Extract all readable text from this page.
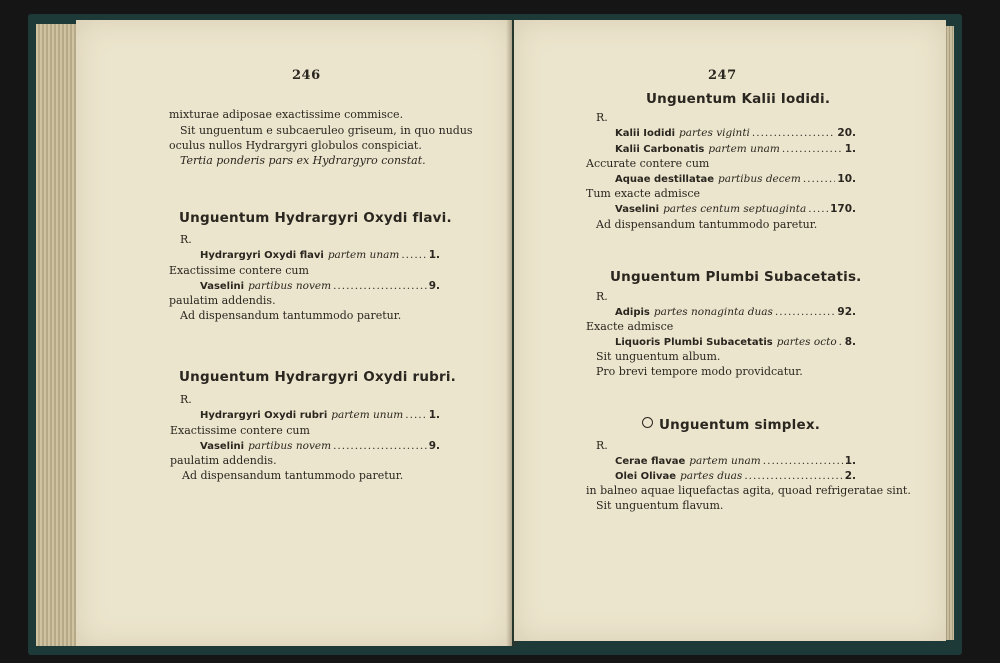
246
mixturae adiposae exactissime commisce.
Sit unguentum e subcaeruleo griseum, in quo nudus
oculus nullos Hydrargyri globulos conspiciat.
Tertia ponderis pars ex Hydrargyro constat.
Unguentum Hydrargyri Oxydi flavi.
R.
Hydrargyri Oxydi flavi partem unam .....	1.
Exactissime contere cum
Vaselini partibus novem .....	9.
paulatim addendis.
Ad dispensandum tantummodo paretur.
Unguentum Hydrargyri Oxydi rubri.
R.
Hydrargyri Oxydi rubri partem unum ..... 1.
Exactissime contere cum
Vaselini partibus novem .....	9.
paulatim addendis.
Ad dispensandum tantummodo paretur.
247
Unguentum Kalii Iodidi.
R.
Kalii Iodidi partes viginti .....	20.
Kalii Carbonatis partem unam .....	1.
Accurate contere cum
Aquae destillatae partibus decem .....	10.
Tum exacte admisce
Vaselini partes centum septuaginta ..... 170.
Ad dispensandum tantummodo paretur.
Unguentum Plumbi Subacetatis.
R.
Adipis partes nonaginta duas .....	92.
Exacte admisce
Liquoris Plumbi Subacetatis partes octo ..... 8.
Sit unguentum album.
Pro brevi tempore modo providcatur.
Unguentum simplex.
R.
Cerae flavae partem unam .....	1.
Olei Olivae partes duas .....	2.
in balneo aquae liquefactas agita, quoad refrigeratae sint.
Sit unguentum flavum.
